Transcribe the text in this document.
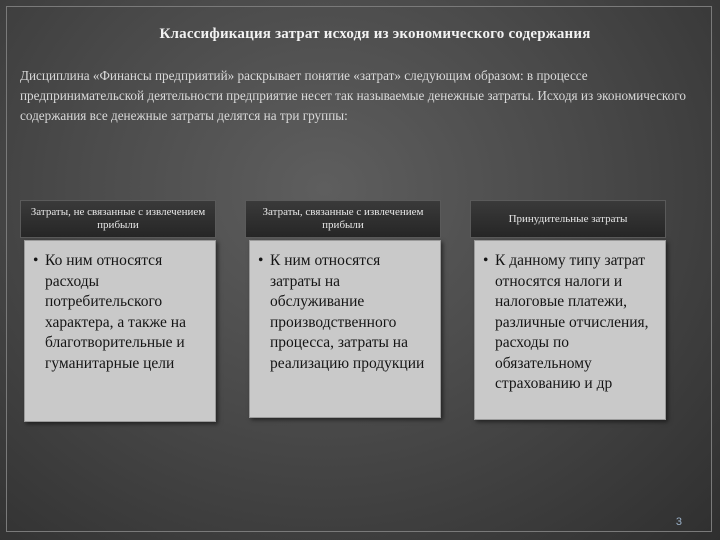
Классификация затрат исходя из экономического содержания

Дисциплина «Финансы предприятий» раскрывает понятие «затрат» следующим образом: в процессе предпринимательской деятельности предприятие несет так называемые денежные затраты. Исходя из экономического содержания все денежные затраты делятся на три группы:

Затраты, не связанные с извлечением прибыли
• Ко ним относятся расходы потребительского характера, а также на благотворительные и гуманитарные цели
Затраты, связанные с извлечением прибыли
• К ним относятся затраты на обслуживание производственного процесса, затраты на реализацию продукции
Принудительные затраты
• К данному типу затрат относятся налоги и налоговые платежи, различные отчисления, расходы по обязательному страхованию и др
3
